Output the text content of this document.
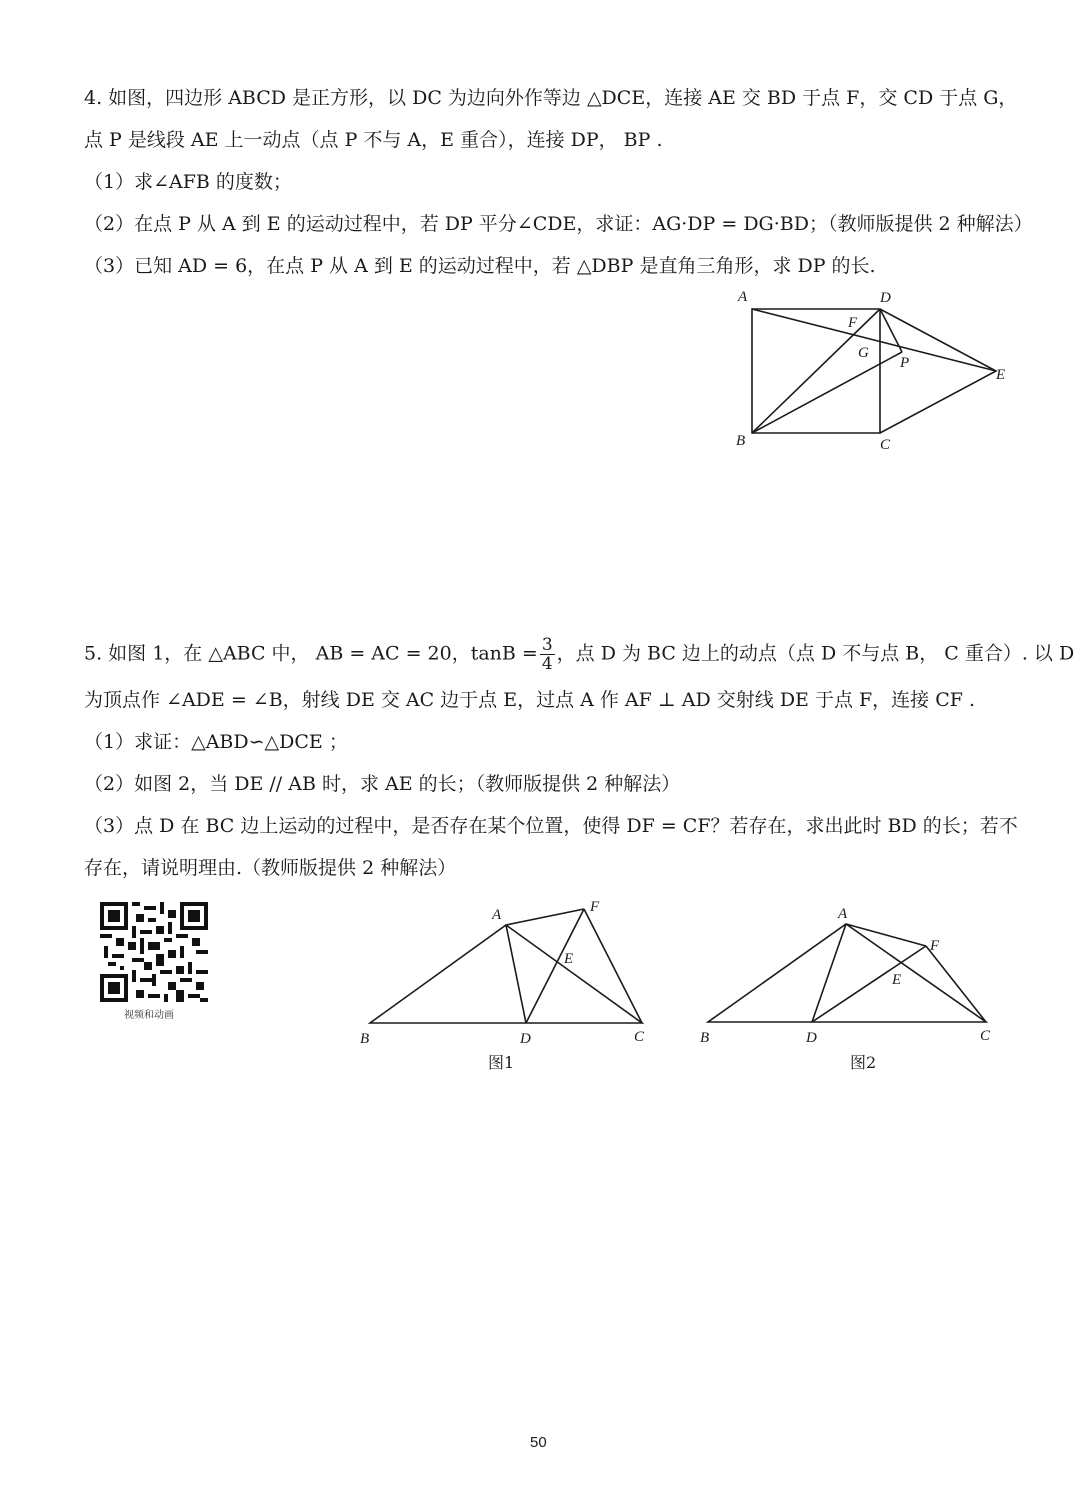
4. 如图，四边形 ABCD 是正方形，以 DC 为边向外作等边 △DCE，连接 AE 交 BD 于点 F，交 CD 于点 G，
点 P 是线段 AE 上一动点（点 P 不与 A，E 重合），连接 DP， BP .
（1）求∠AFB 的度数；
（2）在点 P 从 A 到 E 的运动过程中，若 DP 平分∠CDE，求证：AG·DP = DG·BD；（教师版提供 2 种解法）
（3）已知 AD = 6，在点 P 从 A 到 E 的运动过程中，若 △DBP 是直角三角形，求 DP 的长.
A	D
B	C
E
F
G
P
5. 如图 1，在 △ABC 中， AB = AC = 20，$\tan B = \frac{3}{4}$ ，点 D 为 BC 边上的动点（点 D 不与点 B， C 重合）. 以 D
为顶点作 ∠ADE = ∠B，射线 DE 交 AC 边于点 E，过点 A 作 AF ⊥ AD 交射线 DE 于点 F，连接 CF .
（1）求证：△ABD∽△DCE ；
（2）如图 2，当 DE // AB 时，求 AE 的长；（教师版提供 2 种解法）
（3）点 D 在 BC 边上运动的过程中，是否存在某个位置，使得 DF = CF？若存在，求出此时 BD 的长；若不
存在，请说明理由.（教师版提供 2 种解法）
视频和动画
A
B	C
D
E
F
图1
A
B	C
D
E
F
图2
50
